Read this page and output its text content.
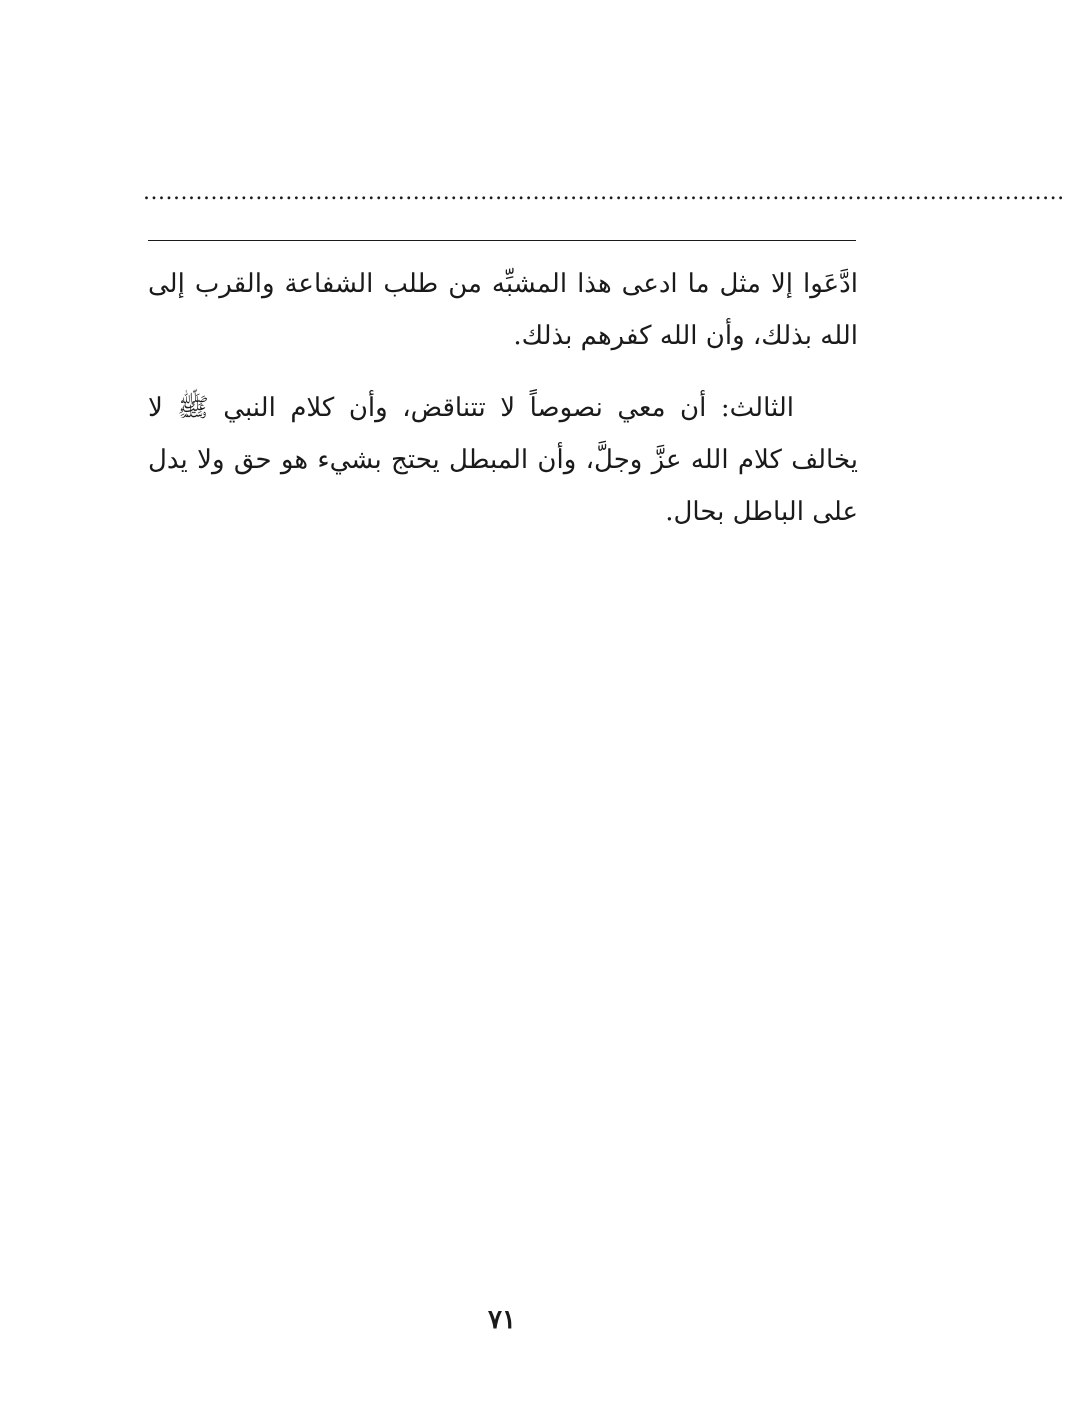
...........................................................................................................................

ادَّعَوا إلا مثل ما ادعى هذا المشبِّه من طلب الشفاعة والقرب إلى الله بذلك، وأن الله كفرهم بذلك.

الثالث: أن معي نصوصاً لا تتناقض، وأن كلام النبي ﷺ لا يخالف كلام الله عزَّ وجلَّ، وأن المبطل يحتج بشيء هو حق ولا يدل على الباطل بحال.

٧١
